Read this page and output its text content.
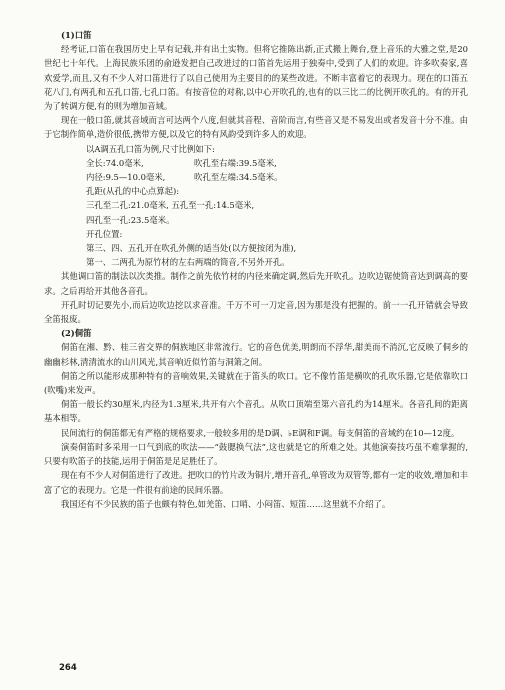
(1)口笛

经考证,口笛在我国历史上早有记载,并有出土实物。但将它推陈出新,正式搬上舞台,登上音乐的大雅之堂,是20世纪七十年代。上海民族乐团的俞逊发把自己改进过的口笛首先运用于独奏中,受到了人们的欢迎。许多吹奏家,喜欢爱学,而且,又有不少人对口笛进行了以自己使用为主要目的的某些改进。不断丰富着它的表现力。现在的口笛五花八门,有两孔和五孔口笛,七孔口笛。有按音位的对称,以中心开吹孔的,也有的以三比二的比例开吹孔的。有的开孔为了转调方便,有的则为增加音域。

现在一般口笛,就其音域而言可达两个八度,但就其音程、音阶而言,有些音又是不易发出或者发音十分不准。由于它制作简单,造价很低,携带方便,以及它的特有风韵受到许多人的欢迎。

以A调五孔口笛为例,尺寸比例如下:

全长:74.0毫米,	吹孔至右端:39.5毫米,
内径:9.5—10.0毫米,	吹孔至左端:34.5毫米。

孔距(从孔的中心点算起):

三孔至二孔:21.0毫米, 五孔至一孔:14.5毫米,

四孔至一孔:23.5毫米。

开孔位置:

第三、四、五孔开在吹孔外侧的适当处(以方便按闭为准),

第一、二两孔为原竹材的左右两端的筒音,不另外开孔。

其他调口笛的制法以次类推。制作之前先依竹材的内径来确定调,然后先开吹孔。边吹边锯使筒音达到调高的要求。之后再给开其他各音孔。

开孔时切记要先小,而后边吹边挖以求音准。千万不可一刀定音,因为那是没有把握的。前一一孔开错就会导致全笛报废。

(2)侗笛

侗笛在湘、黔、桂三省交界的侗族地区非常流行。它的音色优美,明朗而不浮华,甜美而不消沉,它反映了侗乡的幽幽杉林,清清流水的山川风光,其音响近似竹笛与洞箫之间。

侗笛之所以能形成那种特有的音响效果,关键就在于笛头的吹口。它不像竹笛是横吹的孔吹乐器,它是依靠吹口(吹嘴)来发声。

侗笛一般长约30厘米,内径为1.3厘米,共开有六个音孔。从吹口顶端至第六音孔约为14厘米。各音孔间的距离基本相等。

民间流行的侗笛都无有严格的规格要求,一般较多用的是D调、♭E调和F调。每支侗笛的音域约在10—12度。

演奏侗笛时多采用一口气到底的吹法——“鼓腮换气法”,这也就是它的所难之处。其他演奏技巧虽不难掌握的,只要有吹笛子的技能,运用于侗笛是足足胜任了。

现在有不少人对侗笛进行了改进。把吹口的竹片改为铜片,增开音孔,单管改为双管等,都有一定的收效,增加和丰富了它的表现力。它是一件很有前途的民间乐器。

我国还有不少民族的笛子也颇有特色,如羌笛、口哨、小闷笛、短笛……这里就不介绍了。

264
